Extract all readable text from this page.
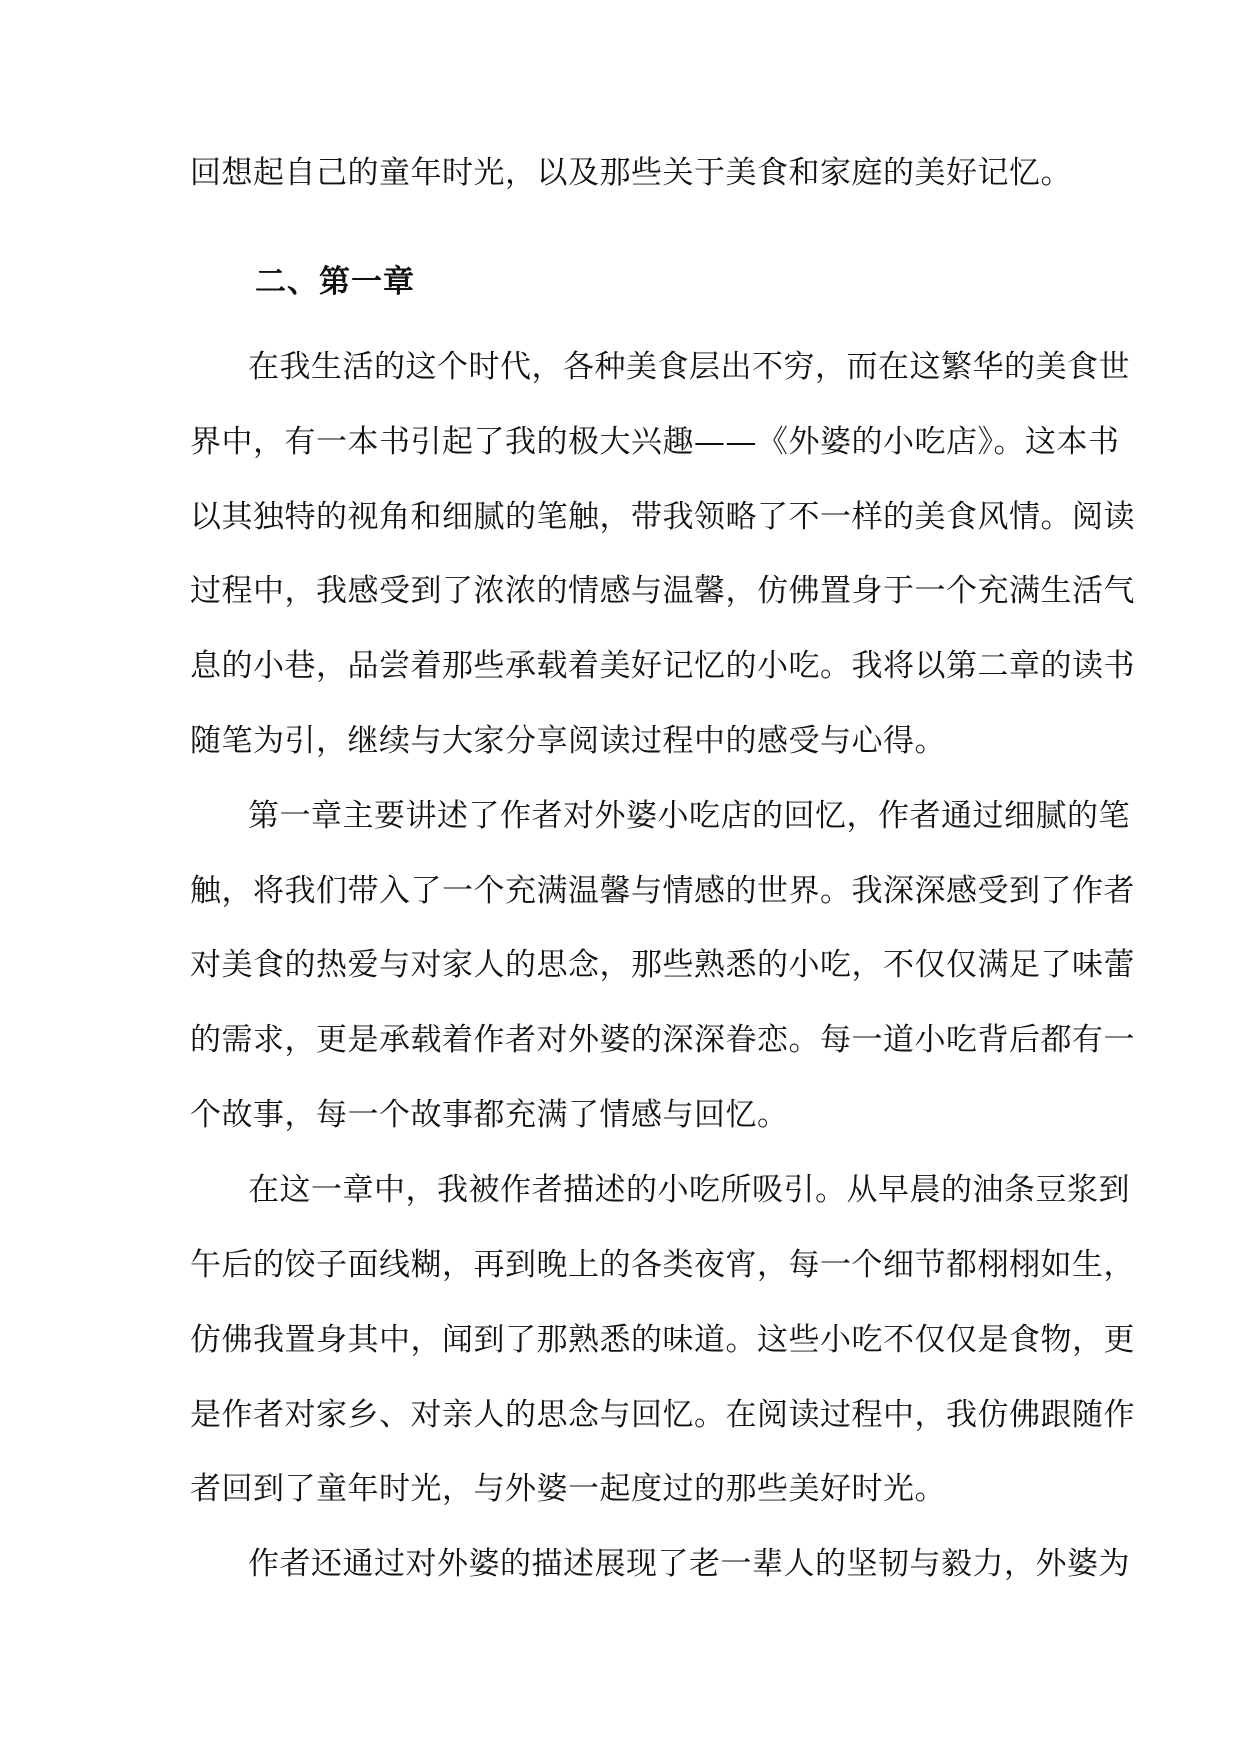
回想起自己的童年时光，以及那些关于美食和家庭的美好记忆。
二、第一章
在我生活的这个时代，各种美食层出不穷，而在这繁华的美食世
界中，有一本书引起了我的极大兴趣——《外婆的小吃店》。这本书
以其独特的视角和细腻的笔触，带我领略了不一样的美食风情。阅读
过程中，我感受到了浓浓的情感与温馨，仿佛置身于一个充满生活气
息的小巷，品尝着那些承载着美好记忆的小吃。我将以第二章的读书
随笔为引，继续与大家分享阅读过程中的感受与心得。
第一章主要讲述了作者对外婆小吃店的回忆，作者通过细腻的笔
触，将我们带入了一个充满温馨与情感的世界。我深深感受到了作者
对美食的热爱与对家人的思念，那些熟悉的小吃，不仅仅满足了味蕾
的需求，更是承载着作者对外婆的深深眷恋。每一道小吃背后都有一
个故事，每一个故事都充满了情感与回忆。
在这一章中，我被作者描述的小吃所吸引。从早晨的油条豆浆到
午后的饺子面线糊，再到晚上的各类夜宵，每一个细节都栩栩如生，
仿佛我置身其中，闻到了那熟悉的味道。这些小吃不仅仅是食物，更
是作者对家乡、对亲人的思念与回忆。在阅读过程中，我仿佛跟随作
者回到了童年时光，与外婆一起度过的那些美好时光。
作者还通过对外婆的描述展现了老一辈人的坚韧与毅力，外婆为
